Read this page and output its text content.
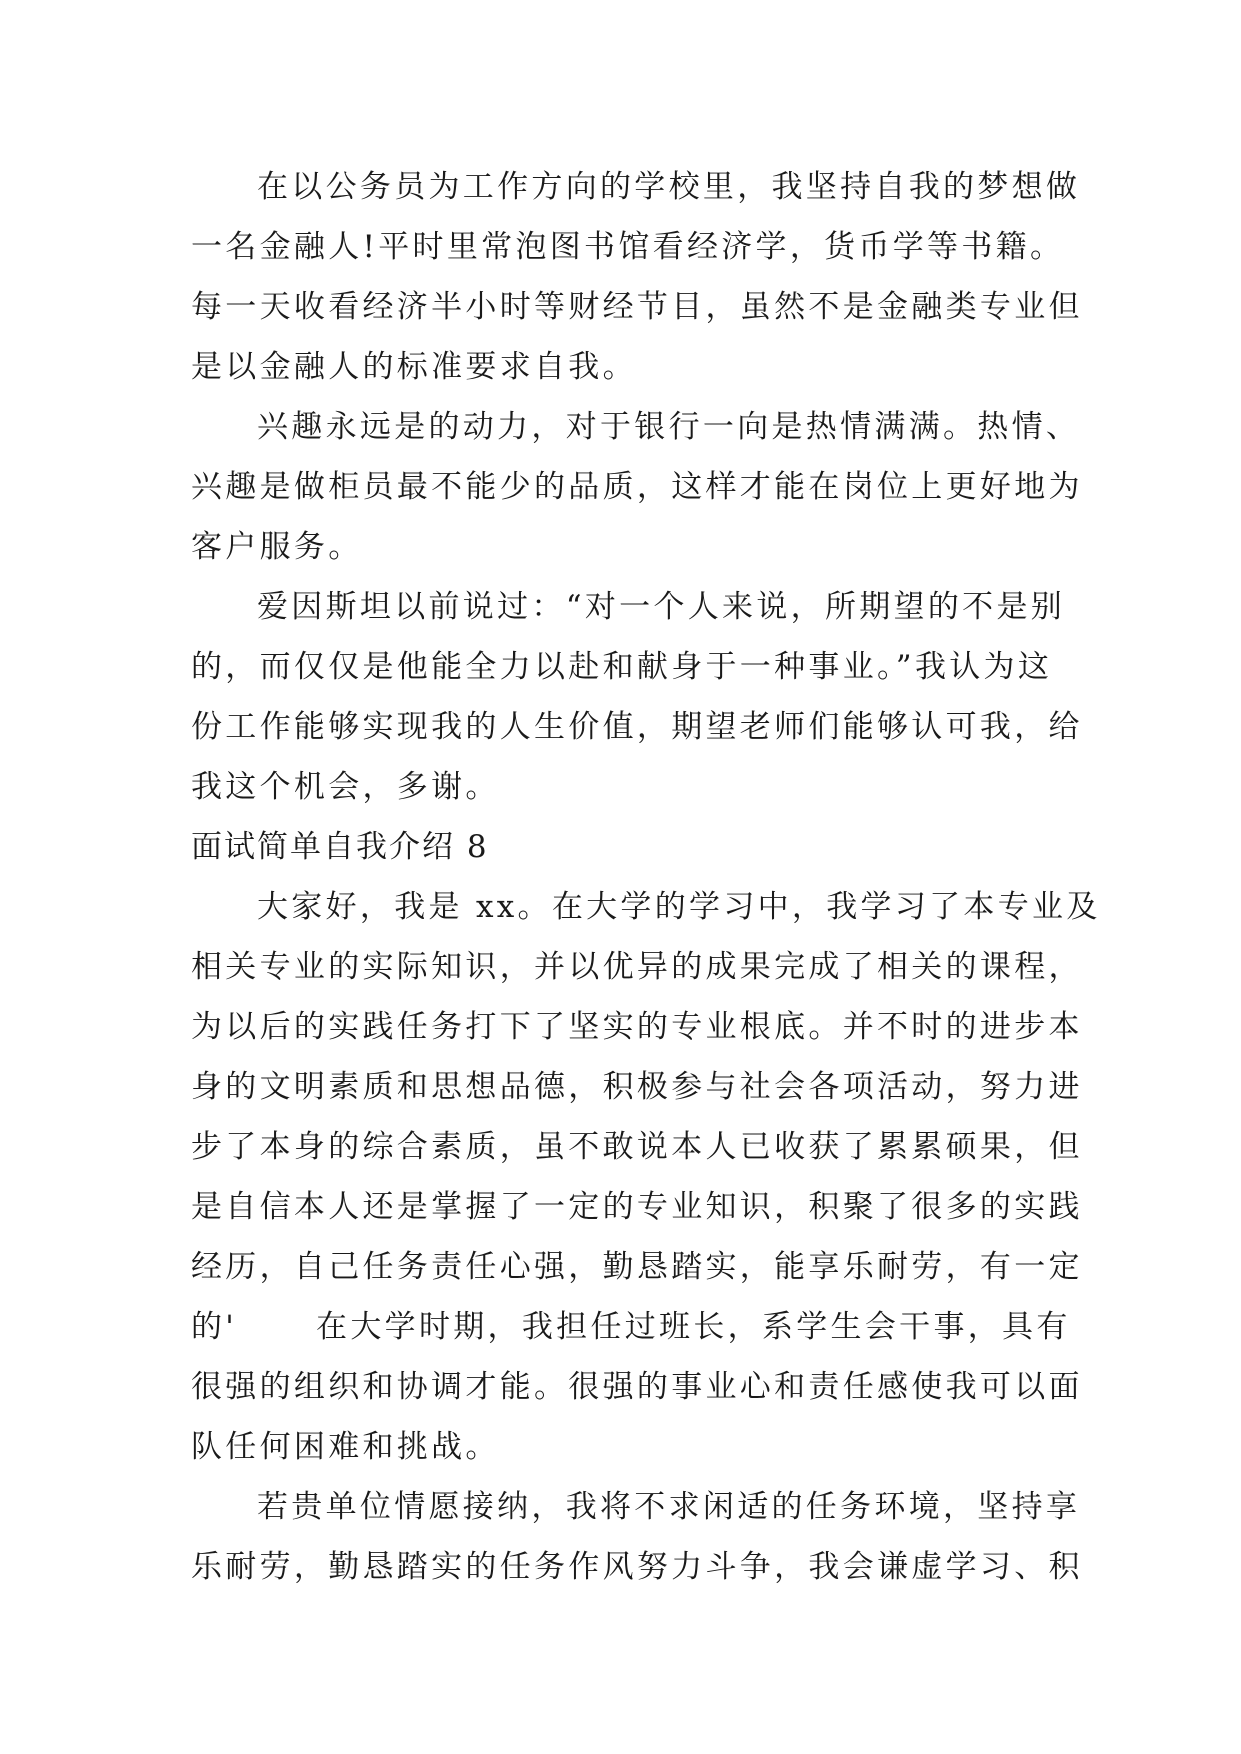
在以公务员为工作方向的学校里，我坚持自我的梦想做
一名金融人!平时里常泡图书馆看经济学，货币学等书籍。
每一天收看经济半小时等财经节目，虽然不是金融类专业但
是以金融人的标准要求自我。
兴趣永远是的动力，对于银行一向是热情满满。热情、
兴趣是做柜员最不能少的品质，这样才能在岗位上更好地为
客户服务。
爱因斯坦以前说过：“对一个人来说，所期望的不是别
的，而仅仅是他能全力以赴和献身于一种事业。”我认为这
份工作能够实现我的人生价值，期望老师们能够认可我，给
我这个机会，多谢。
面试简单自我介绍 8
大家好，我是 xx。在大学的学习中，我学习了本专业及
相关专业的实际知识，并以优异的成果完成了相关的课程，
为以后的实践任务打下了坚实的专业根底。并不时的进步本
身的文明素质和思想品德，积极参与社会各项活动，努力进
步了本身的综合素质，虽不敢说本人已收获了累累硕果，但
是自信本人还是掌握了一定的专业知识，积聚了很多的实践
经历，自己任务责任心强，勤恳踏实，能享乐耐劳，有一定
的'      在大学时期，我担任过班长，系学生会干事，具有
很强的组织和协调才能。很强的事业心和责任感使我可以面
队任何困难和挑战。
若贵单位情愿接纳，我将不求闲适的任务环境，坚持享
乐耐劳，勤恳踏实的任务作风努力斗争，我会谦虚学习、积
